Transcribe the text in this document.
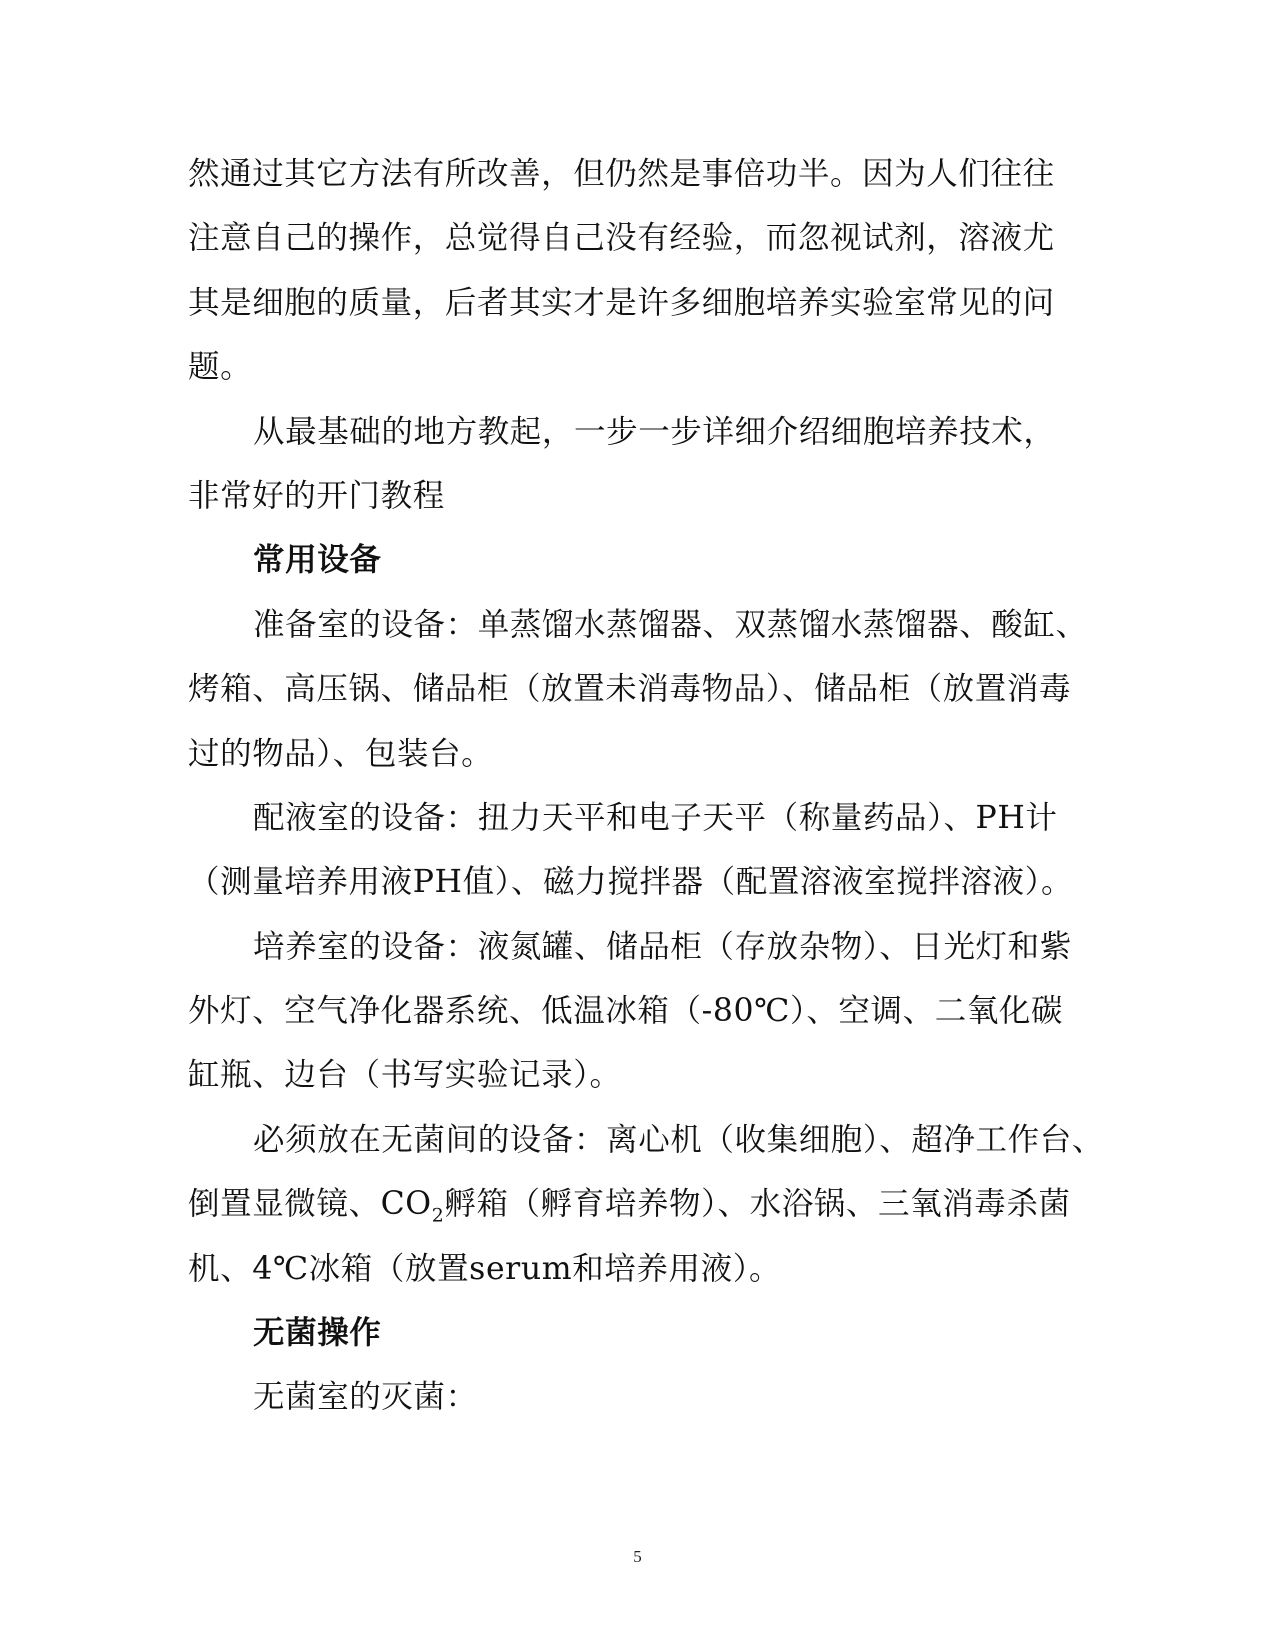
然通过其它方法有所改善，但仍然是事倍功半。因为人们往往
注意自己的操作，总觉得自己没有经验，而忽视试剂，溶液尤
其是细胞的质量，后者其实才是许多细胞培养实验室常见的问
题。
从最基础的地方教起，一步一步详细介绍细胞培养技术，
非常好的开门教程
常用设备
准备室的设备：单蒸馏水蒸馏器、双蒸馏水蒸馏器、酸缸、
烤箱、高压锅、储品柜（放置未消毒物品）、储品柜（放置消毒
过的物品）、包装台。
配液室的设备：扭力天平和电子天平（称量药品）、PH计
（测量培养用液PH值）、磁力搅拌器（配置溶液室搅拌溶液）。
培养室的设备：液氮罐、储品柜（存放杂物）、日光灯和紫
外灯、空气净化器系统、低温冰箱（-80℃）、空调、二氧化碳
缸瓶、边台（书写实验记录）。
必须放在无菌间的设备：离心机（收集细胞）、超净工作台、
倒置显微镜、$CO_2$孵箱（孵育培养物）、水浴锅、三氧消毒杀菌
机、4℃冰箱（放置serum和培养用液）。
无菌操作
无菌室的灭菌：
5
